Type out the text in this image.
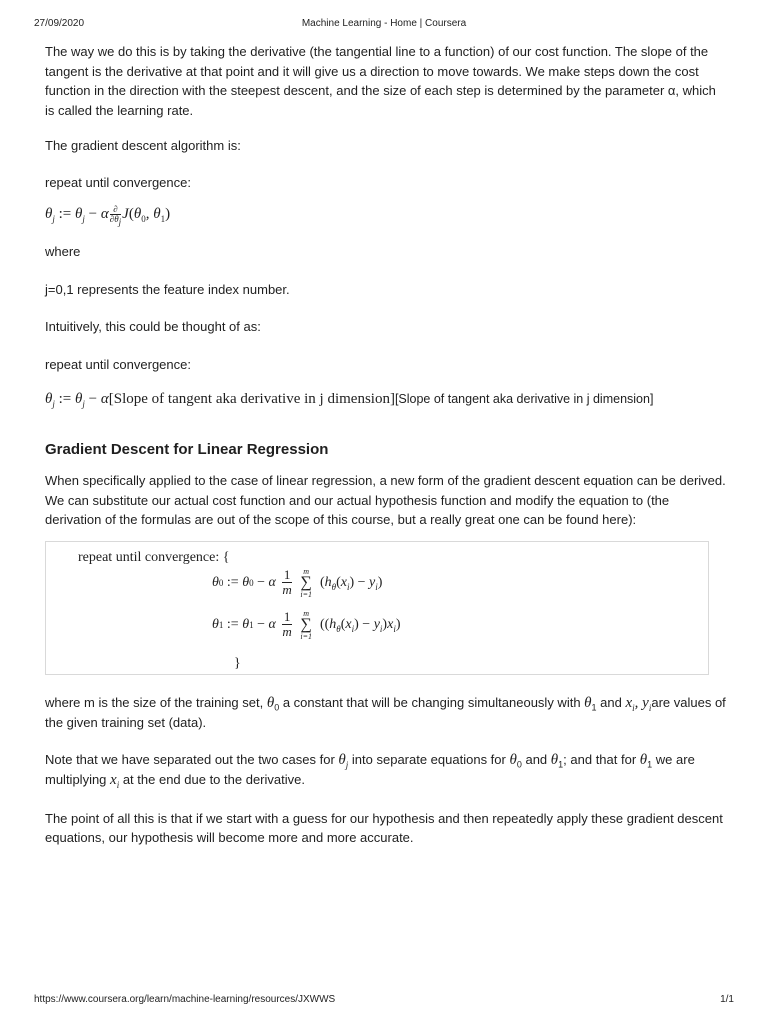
27/09/2020	Machine Learning - Home | Coursera

The way we do this is by taking the derivative (the tangential line to a function) of our cost function. The slope of the tangent is the derivative at that point and it will give us a direction to move towards. We make steps down the cost function in the direction with the steepest descent, and the size of each step is determined by the parameter α, which is called the learning rate.

The gradient descent algorithm is:

repeat until convergence:

$\theta_j$ := $\theta_j - \alpha \frac{\partial}{\partial\theta_j} J(\theta_0$, $\theta_1$)

where

j=0,1 represents the feature index number.

Intuitively, this could be thought of as:

repeat until convergence:

$\theta_j$ := $\theta_j$ − α[Slope of tangent aka derivative in j dimension][Slope of tangent aka derivative in j dimension]
Gradient Descent for Linear Regression

When specifically applied to the case of linear regression, a new form of the gradient descent equation can be derived. We can substitute our actual cost function and our actual hypothesis function and modify the equation to (the derivation of the formulas are out of the scope of this course, but a really great one can be found here):

repeat until convergence: {
θ 0 := θ 0 − α $\frac{1}{m}$ m
∑
i=1
$(h_\theta(x_i) - y_i)$
θ 1 := θ 1 − α $\frac{1}{m}$ m
∑
i=1
$((h_\theta(x_i) - y_i)x_i)$
}

where m is the size of the training set, $\theta_0$ a constant that will be changing simultaneously with $\theta_1$ and $x_i$, $y_iare$ values of the given training set (data).

Note that we have separated out the two cases for $\theta_j$ into separate equations for $\theta_0$ and $\theta_1$; and that for $\theta_1$ we are multiplying $x_i$ at the end due to the derivative.

The point of all this is that if we start with a guess for our hypothesis and then repeatedly apply these gradient descent equations, our hypothesis will become more and more accurate.

https://www.coursera.org/learn/machine-learning/resources/JXWWS	1/1
